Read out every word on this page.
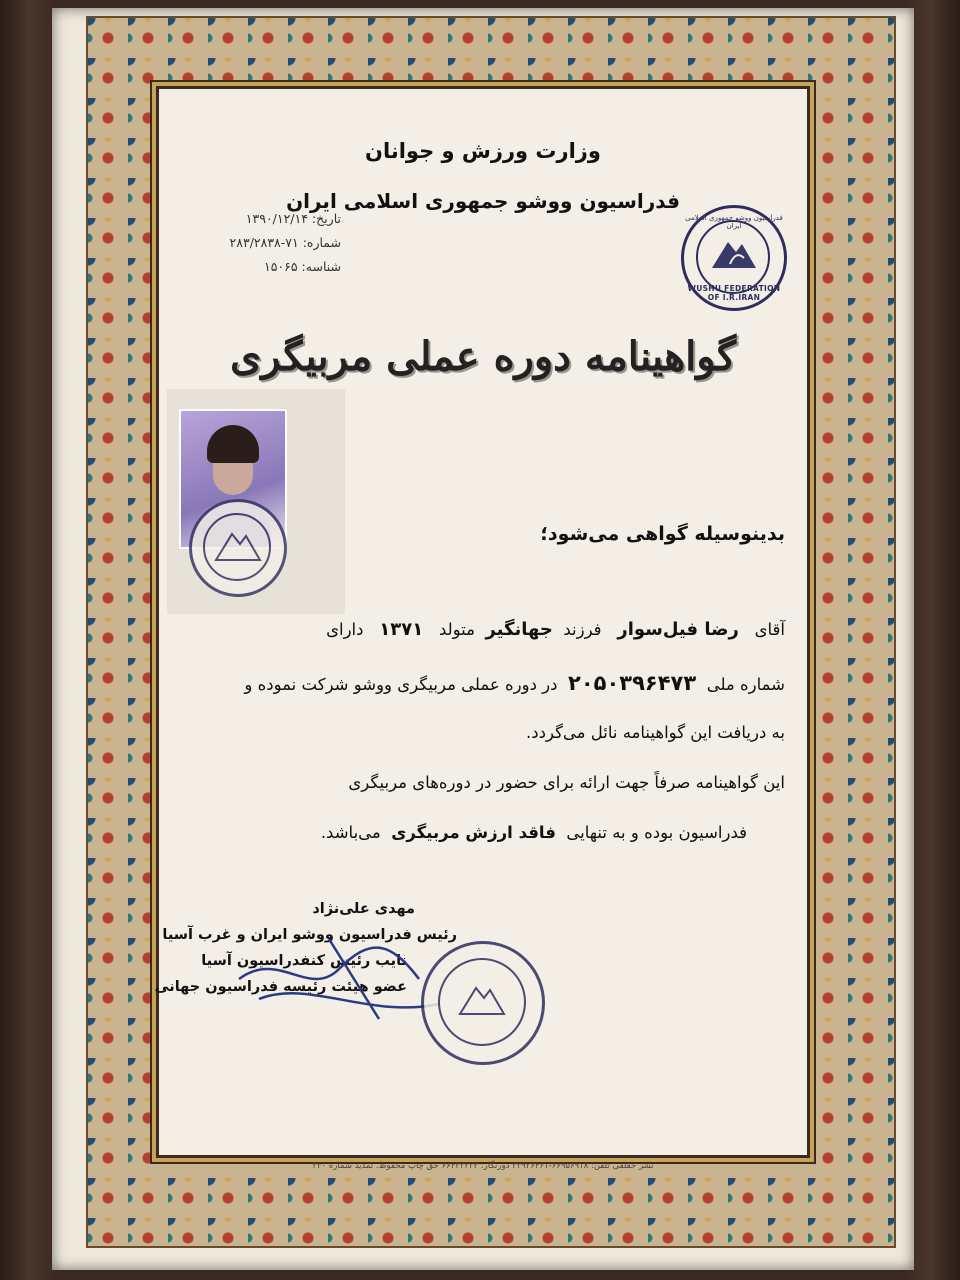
وزارت ورزش و جوانان
فدراسیون ووشو جمهوری اسلامی ایران
تاریخ: ۱۳۹۰/۱۲/۱۴
شماره: ۷۱-۲۸۳/۲۸۳۸
شناسه: ۱۵۰۶۵
فدراسیون ووشو جمهوری اسلامی ایران
WUSHU FEDERATION OF I.R.IRAN
گواهینامه دوره عملی مربیگری
بدینوسیله گواهی می‌شود؛
آقای   رضا فیل‌سوار   فرزند  جهانگیر  متولد   ۱۳۷۱   دارای
شماره ملی  ۲۰۵۰۳۹۶۴۷۳  در دوره عملی مربیگری ووشو شرکت نموده و
به دریافت این گواهینامه نائل می‌گردد.
این گواهینامه صرفاً جهت ارائه برای حضور در دوره‌های مربیگری
فدراسیون بوده و به تنهایی  فاقد ارزش مربیگری  می‌باشد.
مهدی علی‌نژاد
رئیس فدراسیون ووشو ایران و غرب آسیا
نایب رئیس کنفدراسیون آسیا
عضو هیئت رئیسه فدراسیون جهانی
نشر حقلقی تلفن: ۶۶۹۵۶۹۱۸-۳۳۹۲۶۴۶۱ دورنگار: ۶۶۴۳۲۲۲۳ حق چاپ محفوظ. تمدید شماره ۳۳۰
